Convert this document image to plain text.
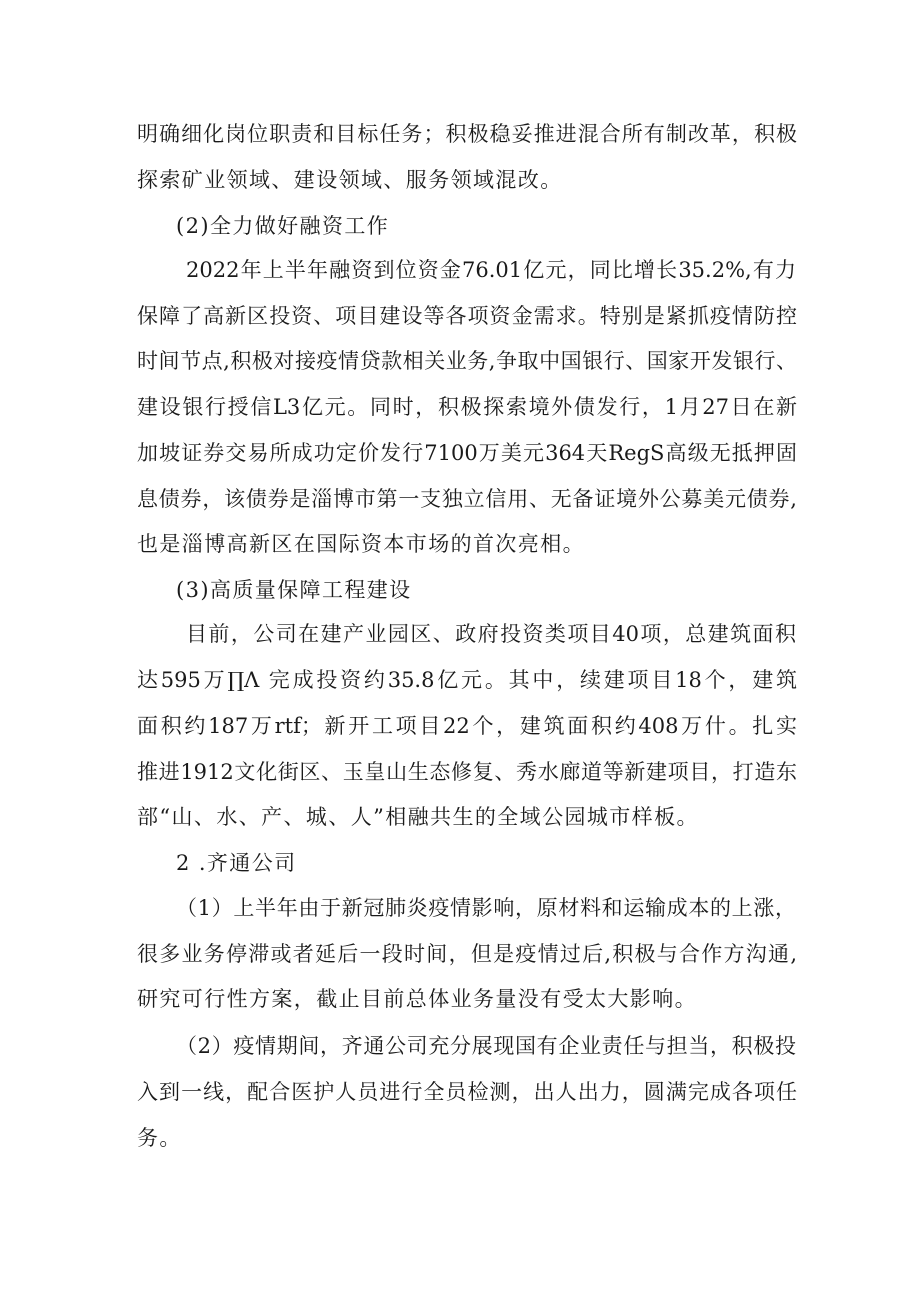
明确细化岗位职责和目标任务；积极稳妥推进混合所有制改革，积极
探索矿业领域、建设领域、服务领域混改。
(2)全力做好融资工作
2022年上半年融资到位资金76.01亿元，同比增长35.2%,有力
保障了高新区投资、项目建设等各项资金需求。特别是紧抓疫情防控
时间节点,积极对接疫情贷款相关业务,争取中国银行、国家开发银行、
建设银行授信L3亿元。同时，积极探索境外债发行，1月27日在新
加坡证券交易所成功定价发行7100万美元364天RegS高级无抵押固
息债券，该债券是淄博市第一支独立信用、无备证境外公募美元债券,
也是淄博高新区在国际资本市场的首次亮相。
(3)高质量保障工程建设
目前，公司在建产业园区、政府投资类项目40项，总建筑面积
达595万∏Λ 完成投资约35.8亿元。其中，续建项目18个，建筑
面积约187万rtf；新开工项目22个，建筑面积约408万什。扎实
推进1912文化街区、玉皇山生态修复、秀水廊道等新建项目，打造东
部“山、水、产、城、人”相融共生的全域公园城市样板。
2 .齐通公司
（1）上半年由于新冠肺炎疫情影响，原材料和运输成本的上涨，
很多业务停滞或者延后一段时间，但是疫情过后,积极与合作方沟通,
研究可行性方案，截止目前总体业务量没有受太大影响。
（2）疫情期间，齐通公司充分展现国有企业责任与担当，积极投
入到一线，配合医护人员进行全员检测，出人出力，圆满完成各项任
务。
